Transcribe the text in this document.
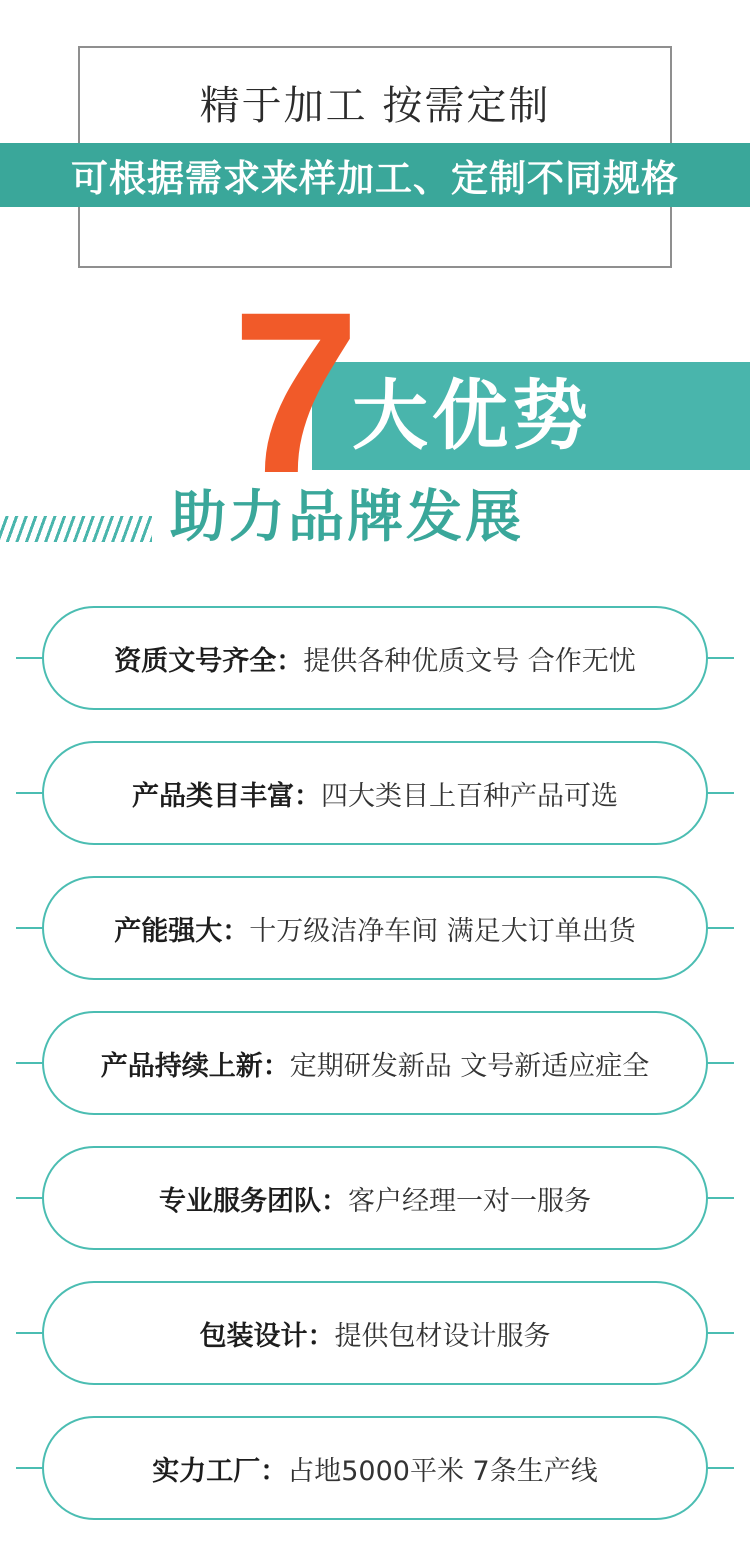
精于加工 按需定制
可根据需求来样加工、定制不同规格
7
大优势
助力品牌发展
资质文号齐全：提供各种优质文号 合作无忧
产品类目丰富：四大类目上百种产品可选
产能强大：十万级洁净车间 满足大订单出货
产品持续上新：定期研发新品 文号新适应症全
专业服务团队：客户经理一对一服务
包装设计：提供包材设计服务
实力工厂：占地5000平米 7条生产线
